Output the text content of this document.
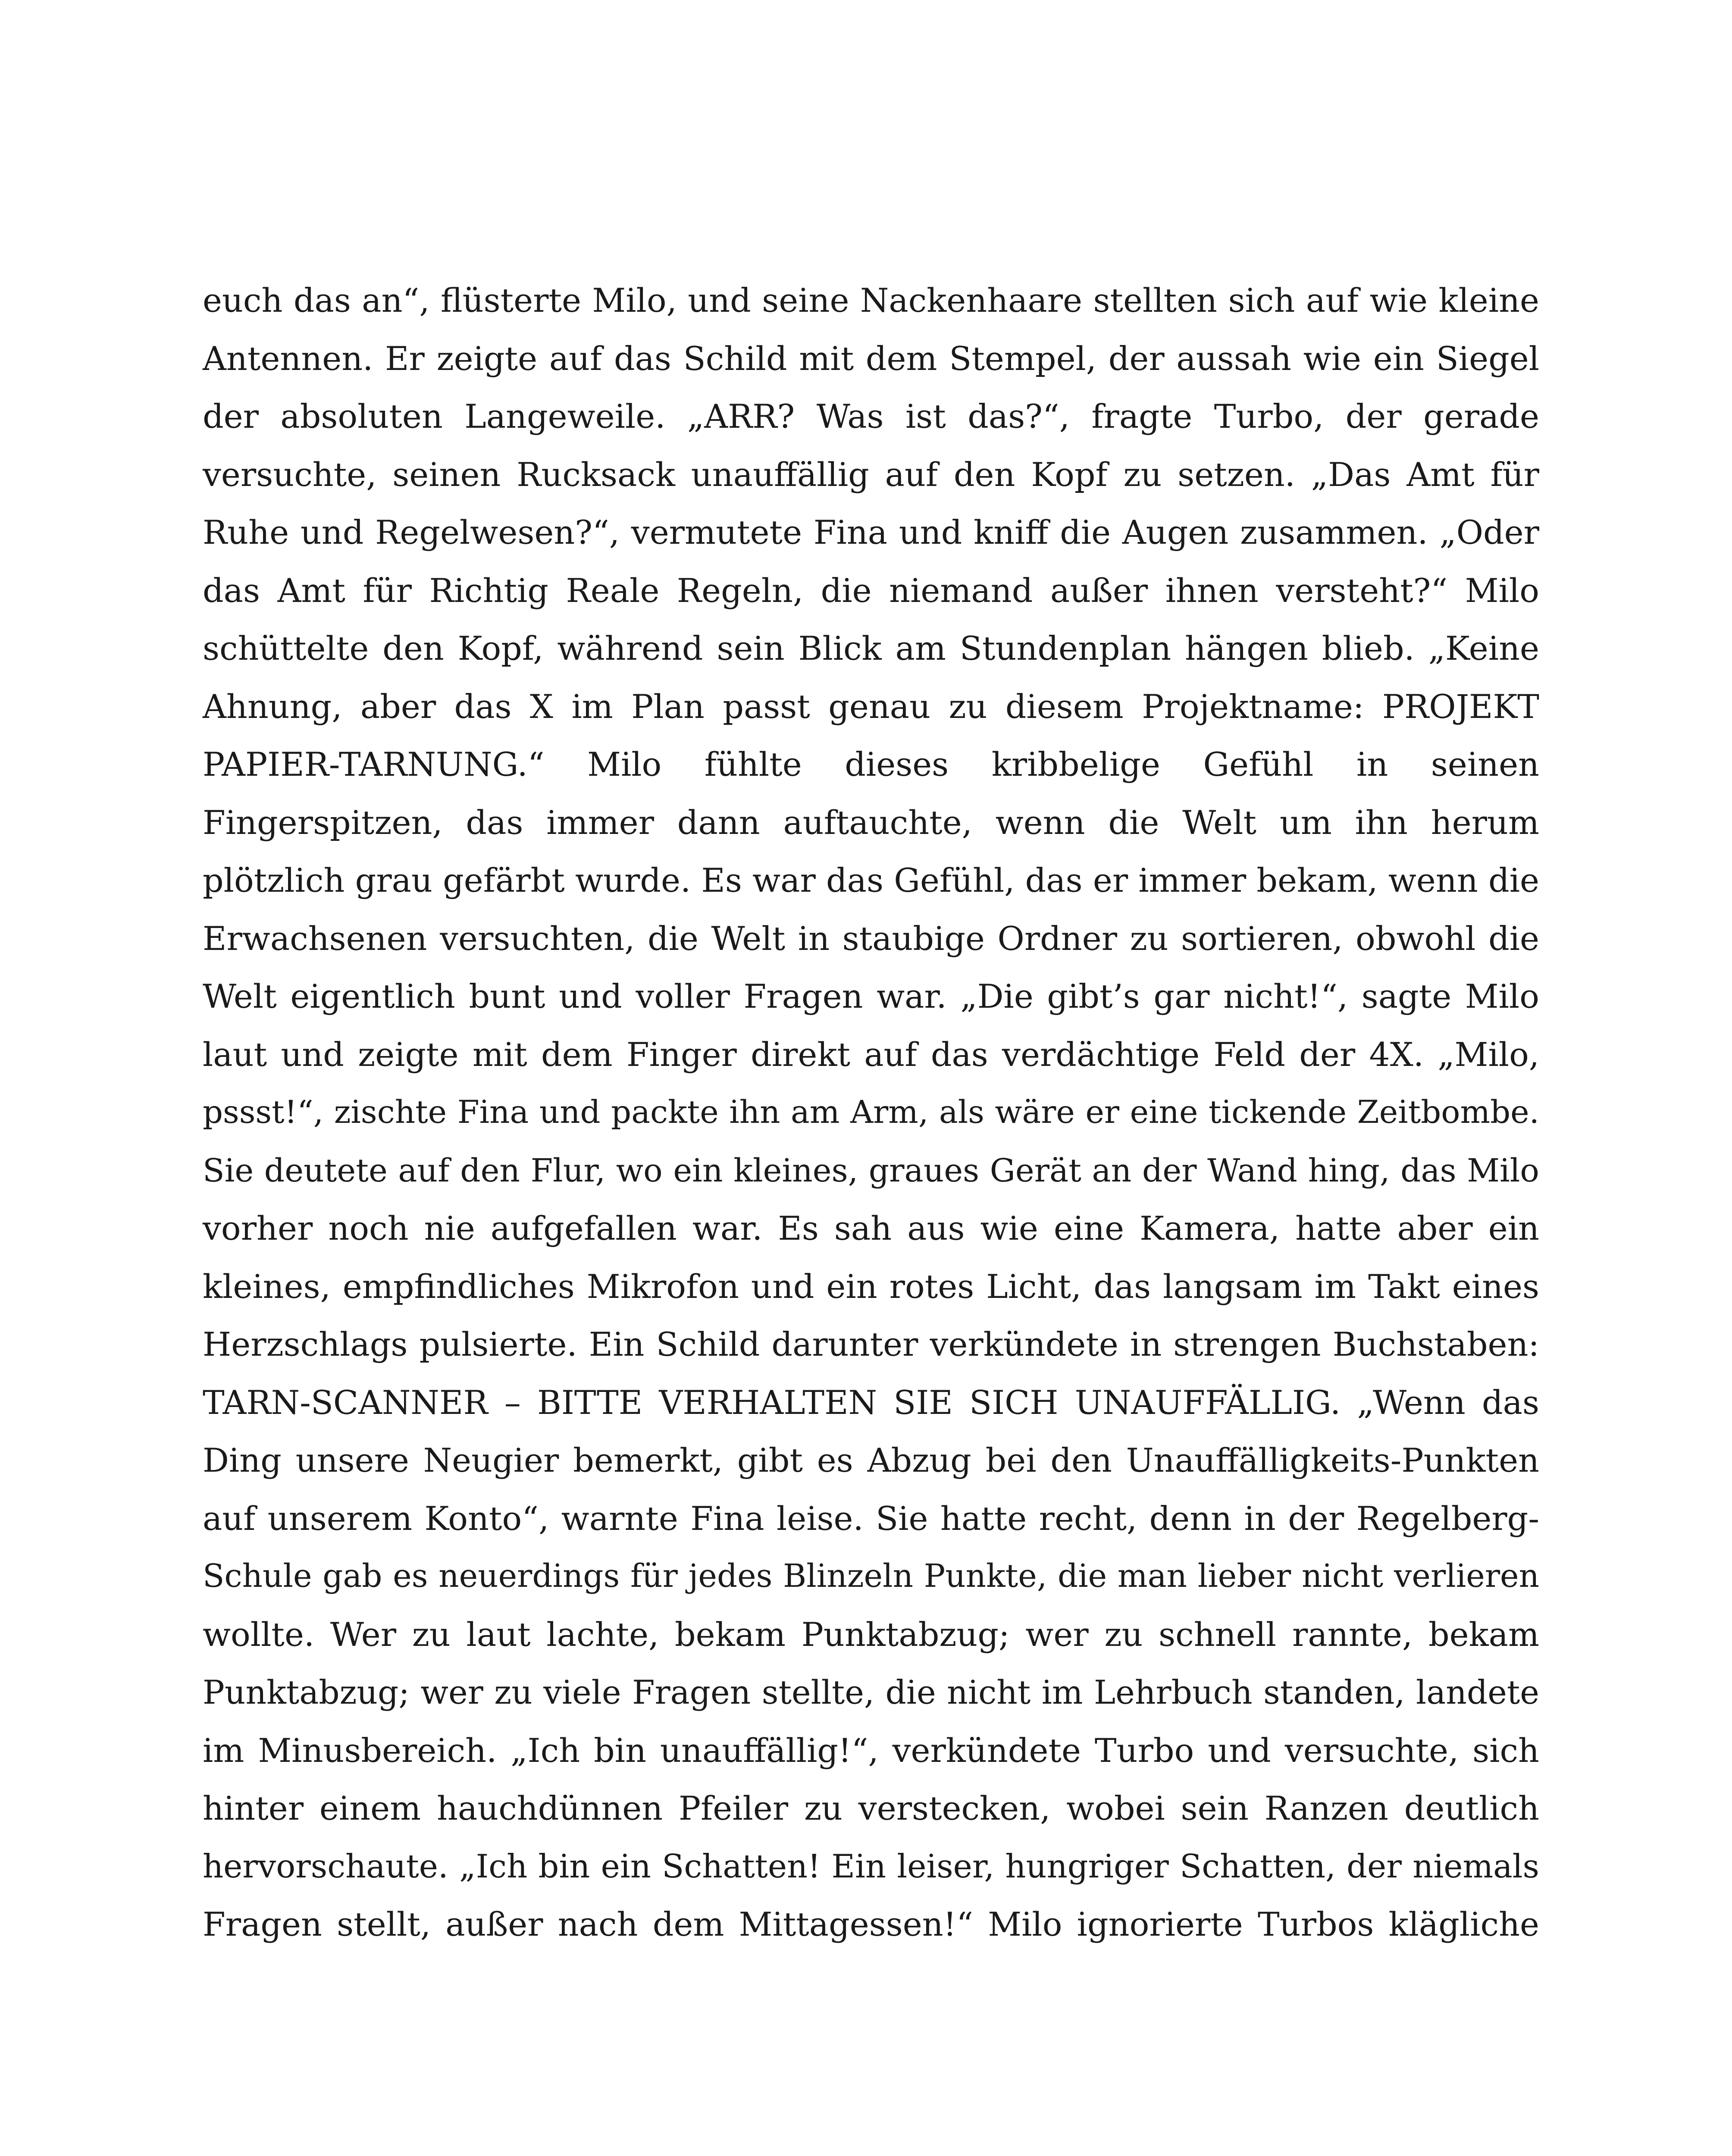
euch das an“, flüsterte Milo, und seine Nackenhaare stellten sich auf wie kleine
Antennen. Er zeigte auf das Schild mit dem Stempel, der aussah wie ein Siegel
der absoluten Langeweile. „ARR? Was ist das?“, fragte Turbo, der gerade
versuchte, seinen Rucksack unauffällig auf den Kopf zu setzen. „Das Amt für
Ruhe und Regelwesen?“, vermutete Fina und kniff die Augen zusammen. „Oder
das Amt für Richtig Reale Regeln, die niemand außer ihnen versteht?“ Milo
schüttelte den Kopf, während sein Blick am Stundenplan hängen blieb. „Keine
Ahnung, aber das X im Plan passt genau zu diesem Projektname: PROJEKT
PAPIER-TARNUNG.“ Milo fühlte dieses kribbelige Gefühl in seinen
Fingerspitzen, das immer dann auftauchte, wenn die Welt um ihn herum
plötzlich grau gefärbt wurde. Es war das Gefühl, das er immer bekam, wenn die
Erwachsenen versuchten, die Welt in staubige Ordner zu sortieren, obwohl die
Welt eigentlich bunt und voller Fragen war. „Die gibt’s gar nicht!“, sagte Milo
laut und zeigte mit dem Finger direkt auf das verdächtige Feld der 4X. „Milo,
pssst!“, zischte Fina und packte ihn am Arm, als wäre er eine tickende Zeitbombe.
Sie deutete auf den Flur, wo ein kleines, graues Gerät an der Wand hing, das Milo
vorher noch nie aufgefallen war. Es sah aus wie eine Kamera, hatte aber ein
kleines, empfindliches Mikrofon und ein rotes Licht, das langsam im Takt eines
Herzschlags pulsierte. Ein Schild darunter verkündete in strengen Buchstaben:
TARN-SCANNER – BITTE VERHALTEN SIE SICH UNAUFFÄLLIG. „Wenn das
Ding unsere Neugier bemerkt, gibt es Abzug bei den Unauffälligkeits-Punkten
auf unserem Konto“, warnte Fina leise. Sie hatte recht, denn in der Regelberg-
Schule gab es neuerdings für jedes Blinzeln Punkte, die man lieber nicht verlieren
wollte. Wer zu laut lachte, bekam Punktabzug; wer zu schnell rannte, bekam
Punktabzug; wer zu viele Fragen stellte, die nicht im Lehrbuch standen, landete
im Minusbereich. „Ich bin unauffällig!“, verkündete Turbo und versuchte, sich
hinter einem hauchdünnen Pfeiler zu verstecken, wobei sein Ranzen deutlich
hervorschaute. „Ich bin ein Schatten! Ein leiser, hungriger Schatten, der niemals
Fragen stellt, außer nach dem Mittagessen!“ Milo ignorierte Turbos klägliche
